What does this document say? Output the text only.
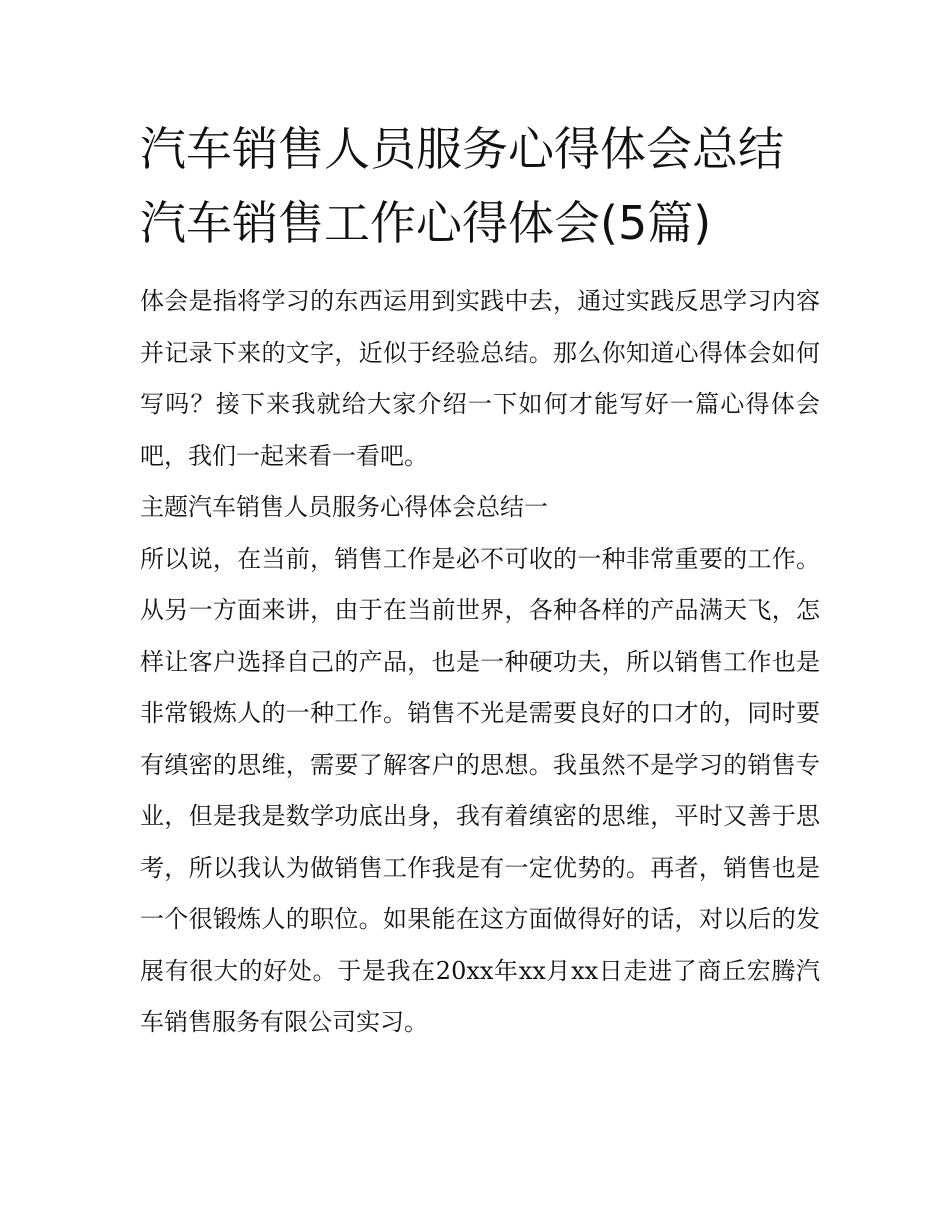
汽车销售人员服务心得体会总结 汽车销售工作心得体会(5篇)

体会是指将学习的东西运用到实践中去，通过实践反思学习内容并记录下来的文字，近似于经验总结。那么你知道心得体会如何写吗？接下来我就给大家介绍一下如何才能写好一篇心得体会吧，我们一起来看一看吧。

主题汽车销售人员服务心得体会总结一

所以说，在当前，销售工作是必不可收的一种非常重要的工作。从另一方面来讲，由于在当前世界，各种各样的产品满天飞，怎样让客户选择自己的产品，也是一种硬功夫，所以销售工作也是非常锻炼人的一种工作。销售不光是需要良好的口才的，同时要有缜密的思维，需要了解客户的思想。我虽然不是学习的销售专业，但是我是数学功底出身，我有着缜密的思维，平时又善于思考，所以我认为做销售工作我是有一定优势的。再者，销售也是一个很锻炼人的职位。如果能在这方面做得好的话，对以后的发展有很大的好处。于是我在20xx年xx月xx日走进了商丘宏腾汽车销售服务有限公司实习。
